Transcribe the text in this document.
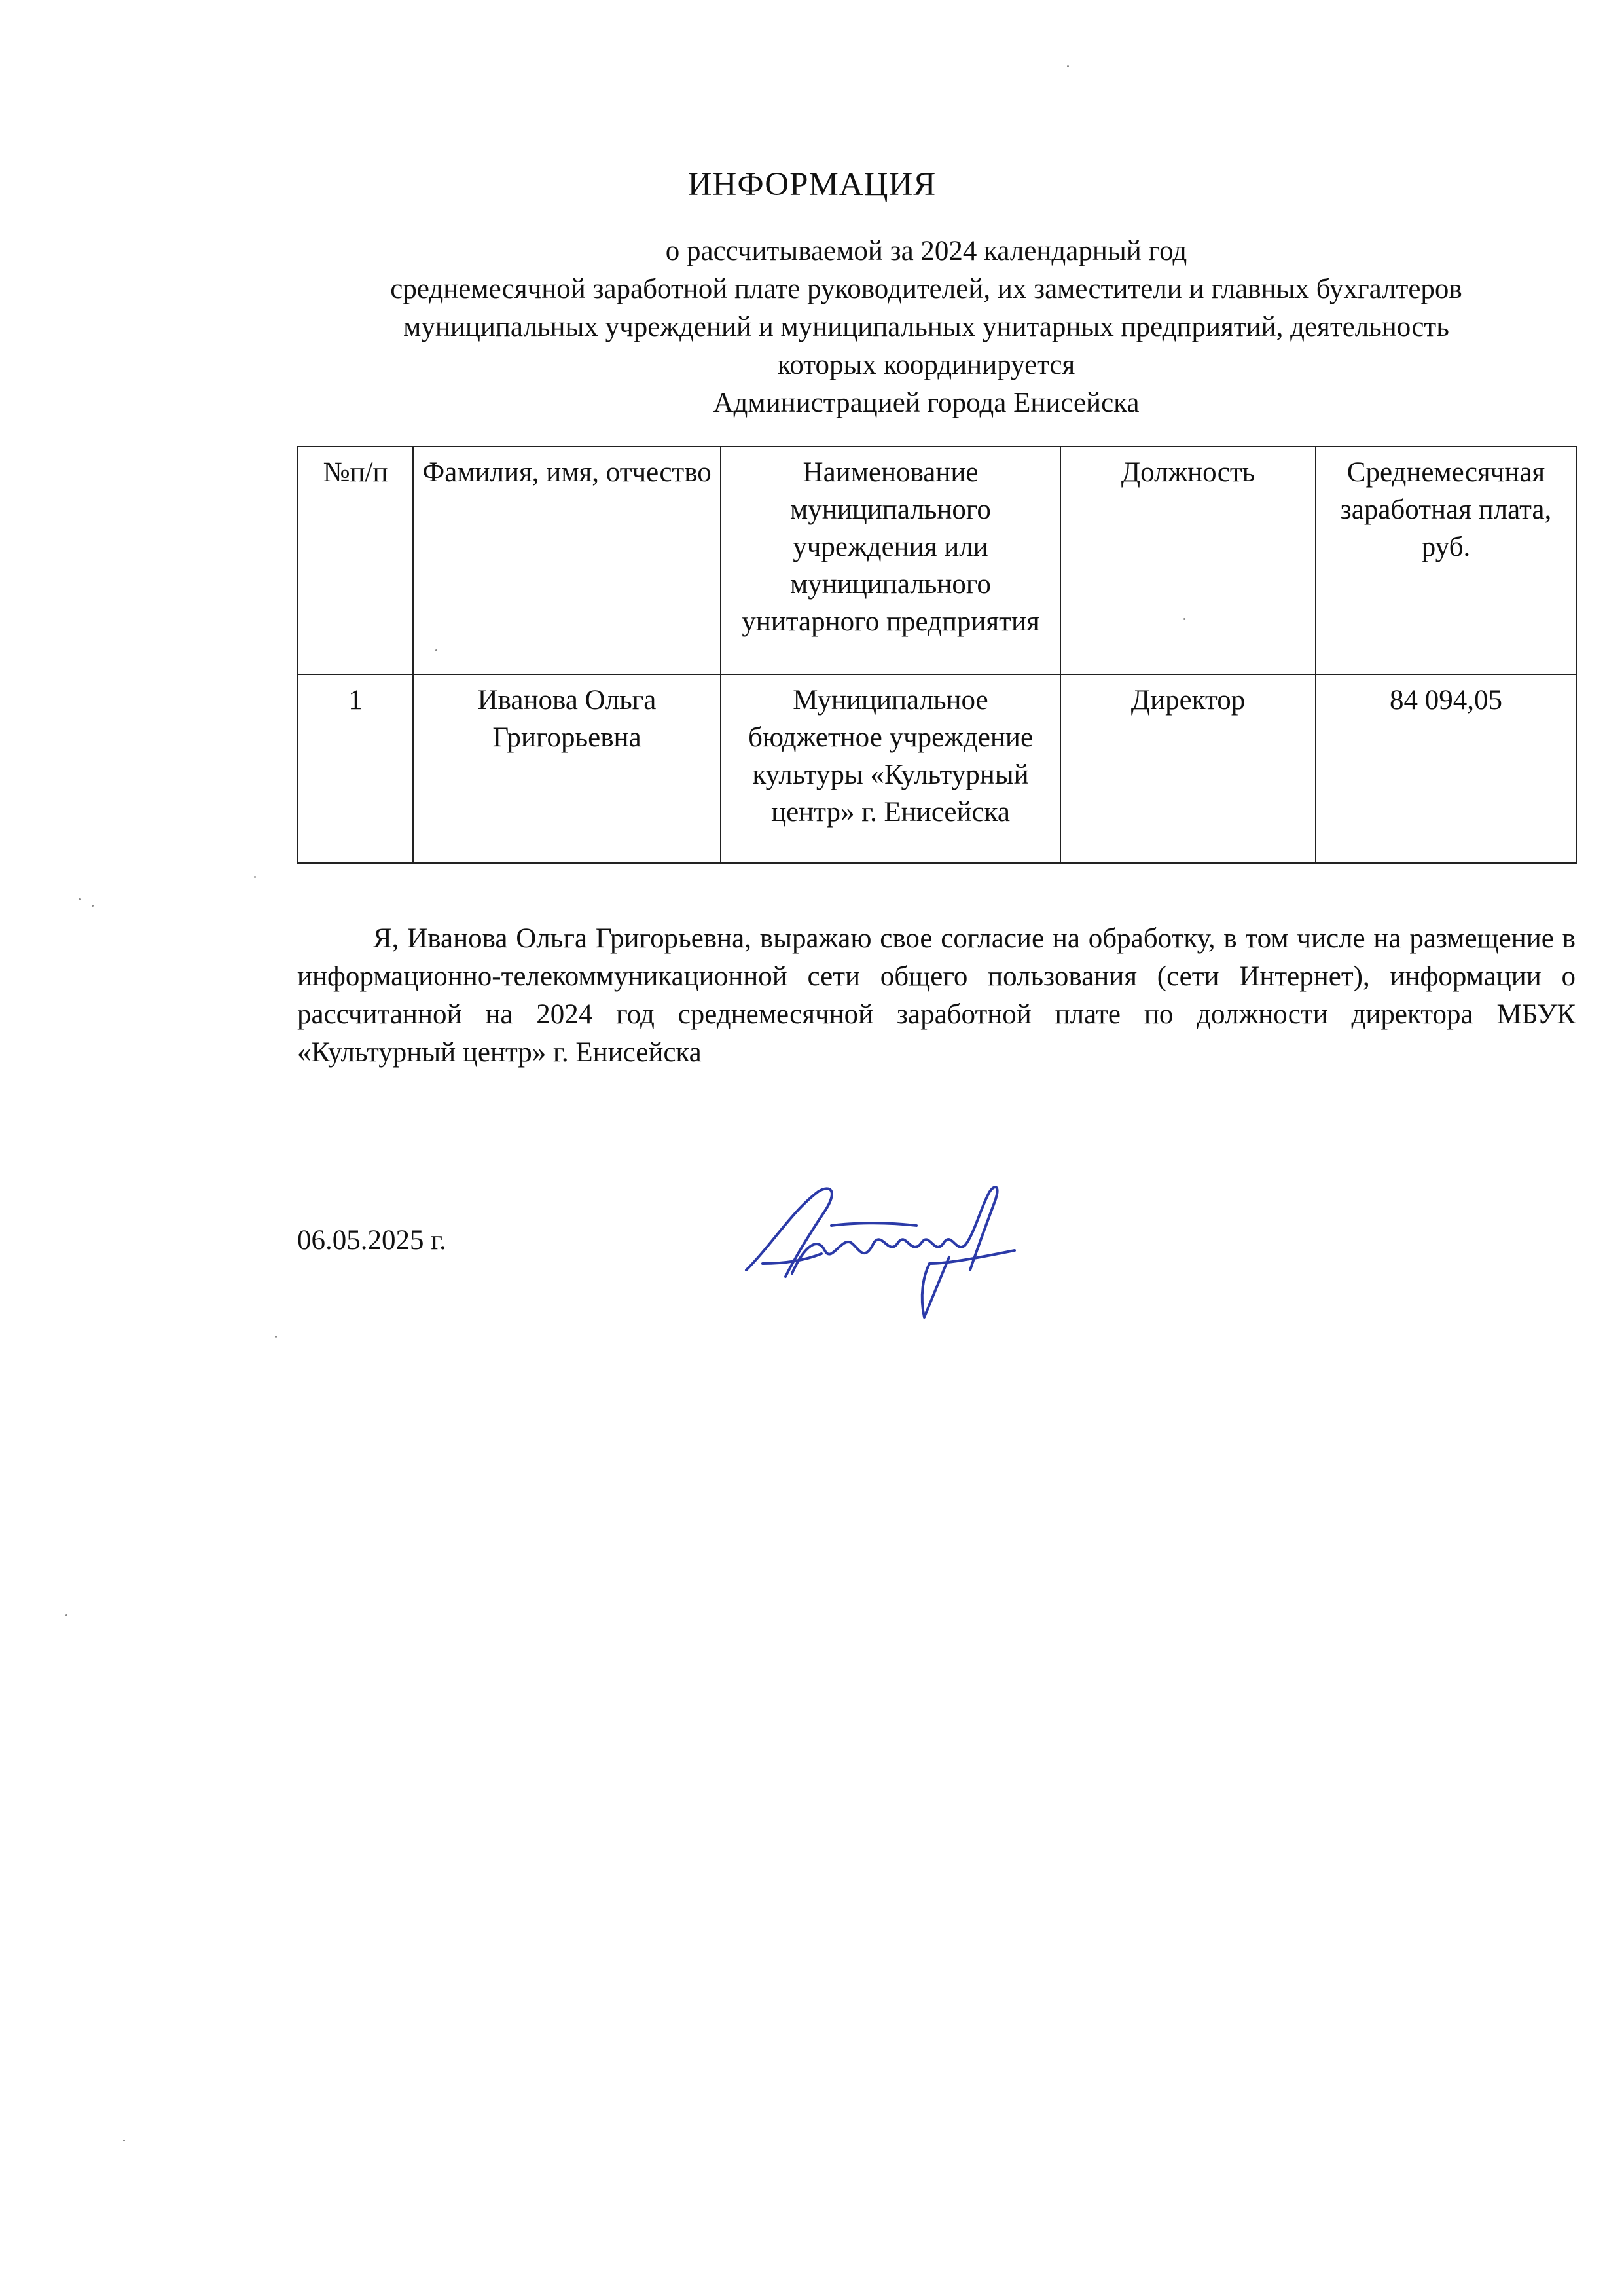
ИНФОРМАЦИЯ
о рассчитываемой за 2024 календарный год
среднемесячной заработной плате руководителей, их заместители и главных бухгалтеров
муниципальных учреждений и муниципальных унитарных предприятий, деятельность
которых координируется
Администрацией города Енисейска
№п/п	Фамилия, имя, отчество	Наименование муниципального учреждения или муниципального унитарного предприятия	Должность	Среднемесячная заработная плата, руб.
1	Иванова Ольга Григорьевна	Муниципальное бюджетное учреждение культуры «Культурный центр» г. Енисейска	Директор	84 094,05
Я, Иванова Ольга Григорьевна, выражаю свое согласие на обработку, в том числе на размещение в информационно-телекоммуникационной сети общего пользования (сети Интернет), информации о рассчитанной на 2024 год среднемесячной заработной плате по должности директора МБУК «Культурный центр» г. Енисейска
06.05.2025 г.
